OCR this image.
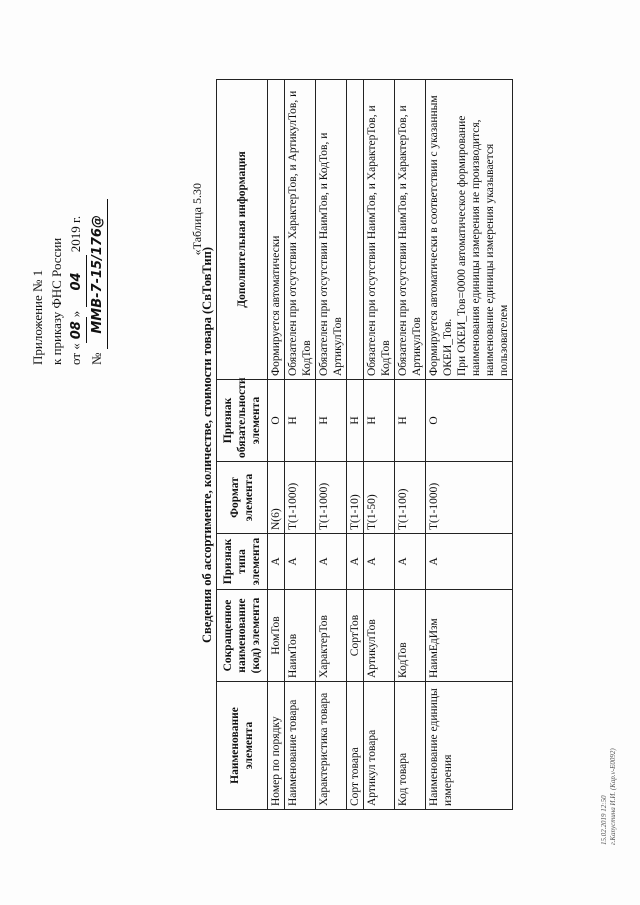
Приложение № 1 к приказу ФНС России от «08» 04 2019 г.
№ ММВ-7-15/176@	«Таблица 5.30
Сведения об ассортименте, количестве, стоимости товара (СвТовТип)
Наименование элемента	Сокращенное наименование (код) элемента	Признак типа элемента	Формат элемента	Признак обязательности элемента	Дополнительная информация
Номер по порядку	НомТов	А	N(6)	О	Формируется автоматически
Наименование товара	НаимТов	А	T(1-1000)	Н	Обязателен при отсутствии ХарактерТов, и АртикулТов, и КодТов
Характеристика товара	ХарактерТов	А	T(1-1000)	Н	Обязателен при отсутствии НаимТов, и КодТов, и АртикулТов
Сорт товара	СортТов	А	T(1-10)	Н	
Артикул товара	АртикулТов	А	T(1-50)	Н	Обязателен при отсутствии НаимТов, и ХарактерТов, и КодТов
Код товара	КодТов	А	T(1-100)	Н	Обязателен при отсутствии НаимТов, и ХарактерТов, и АртикулТов
Наименование единицы измерения	НаимЕдИзм	А	T(1-1000)	О	Формируется автоматически в соответствии с указанным ОКЕИ_Тов. При ОКЕИ_Тов=0000 автоматическое формирование наименования единицы измерения не производится, наименование единицы измерения указывается пользователем
15.02.2019 12:50 г.Капустина И.И. (Kap.v-E0092)
